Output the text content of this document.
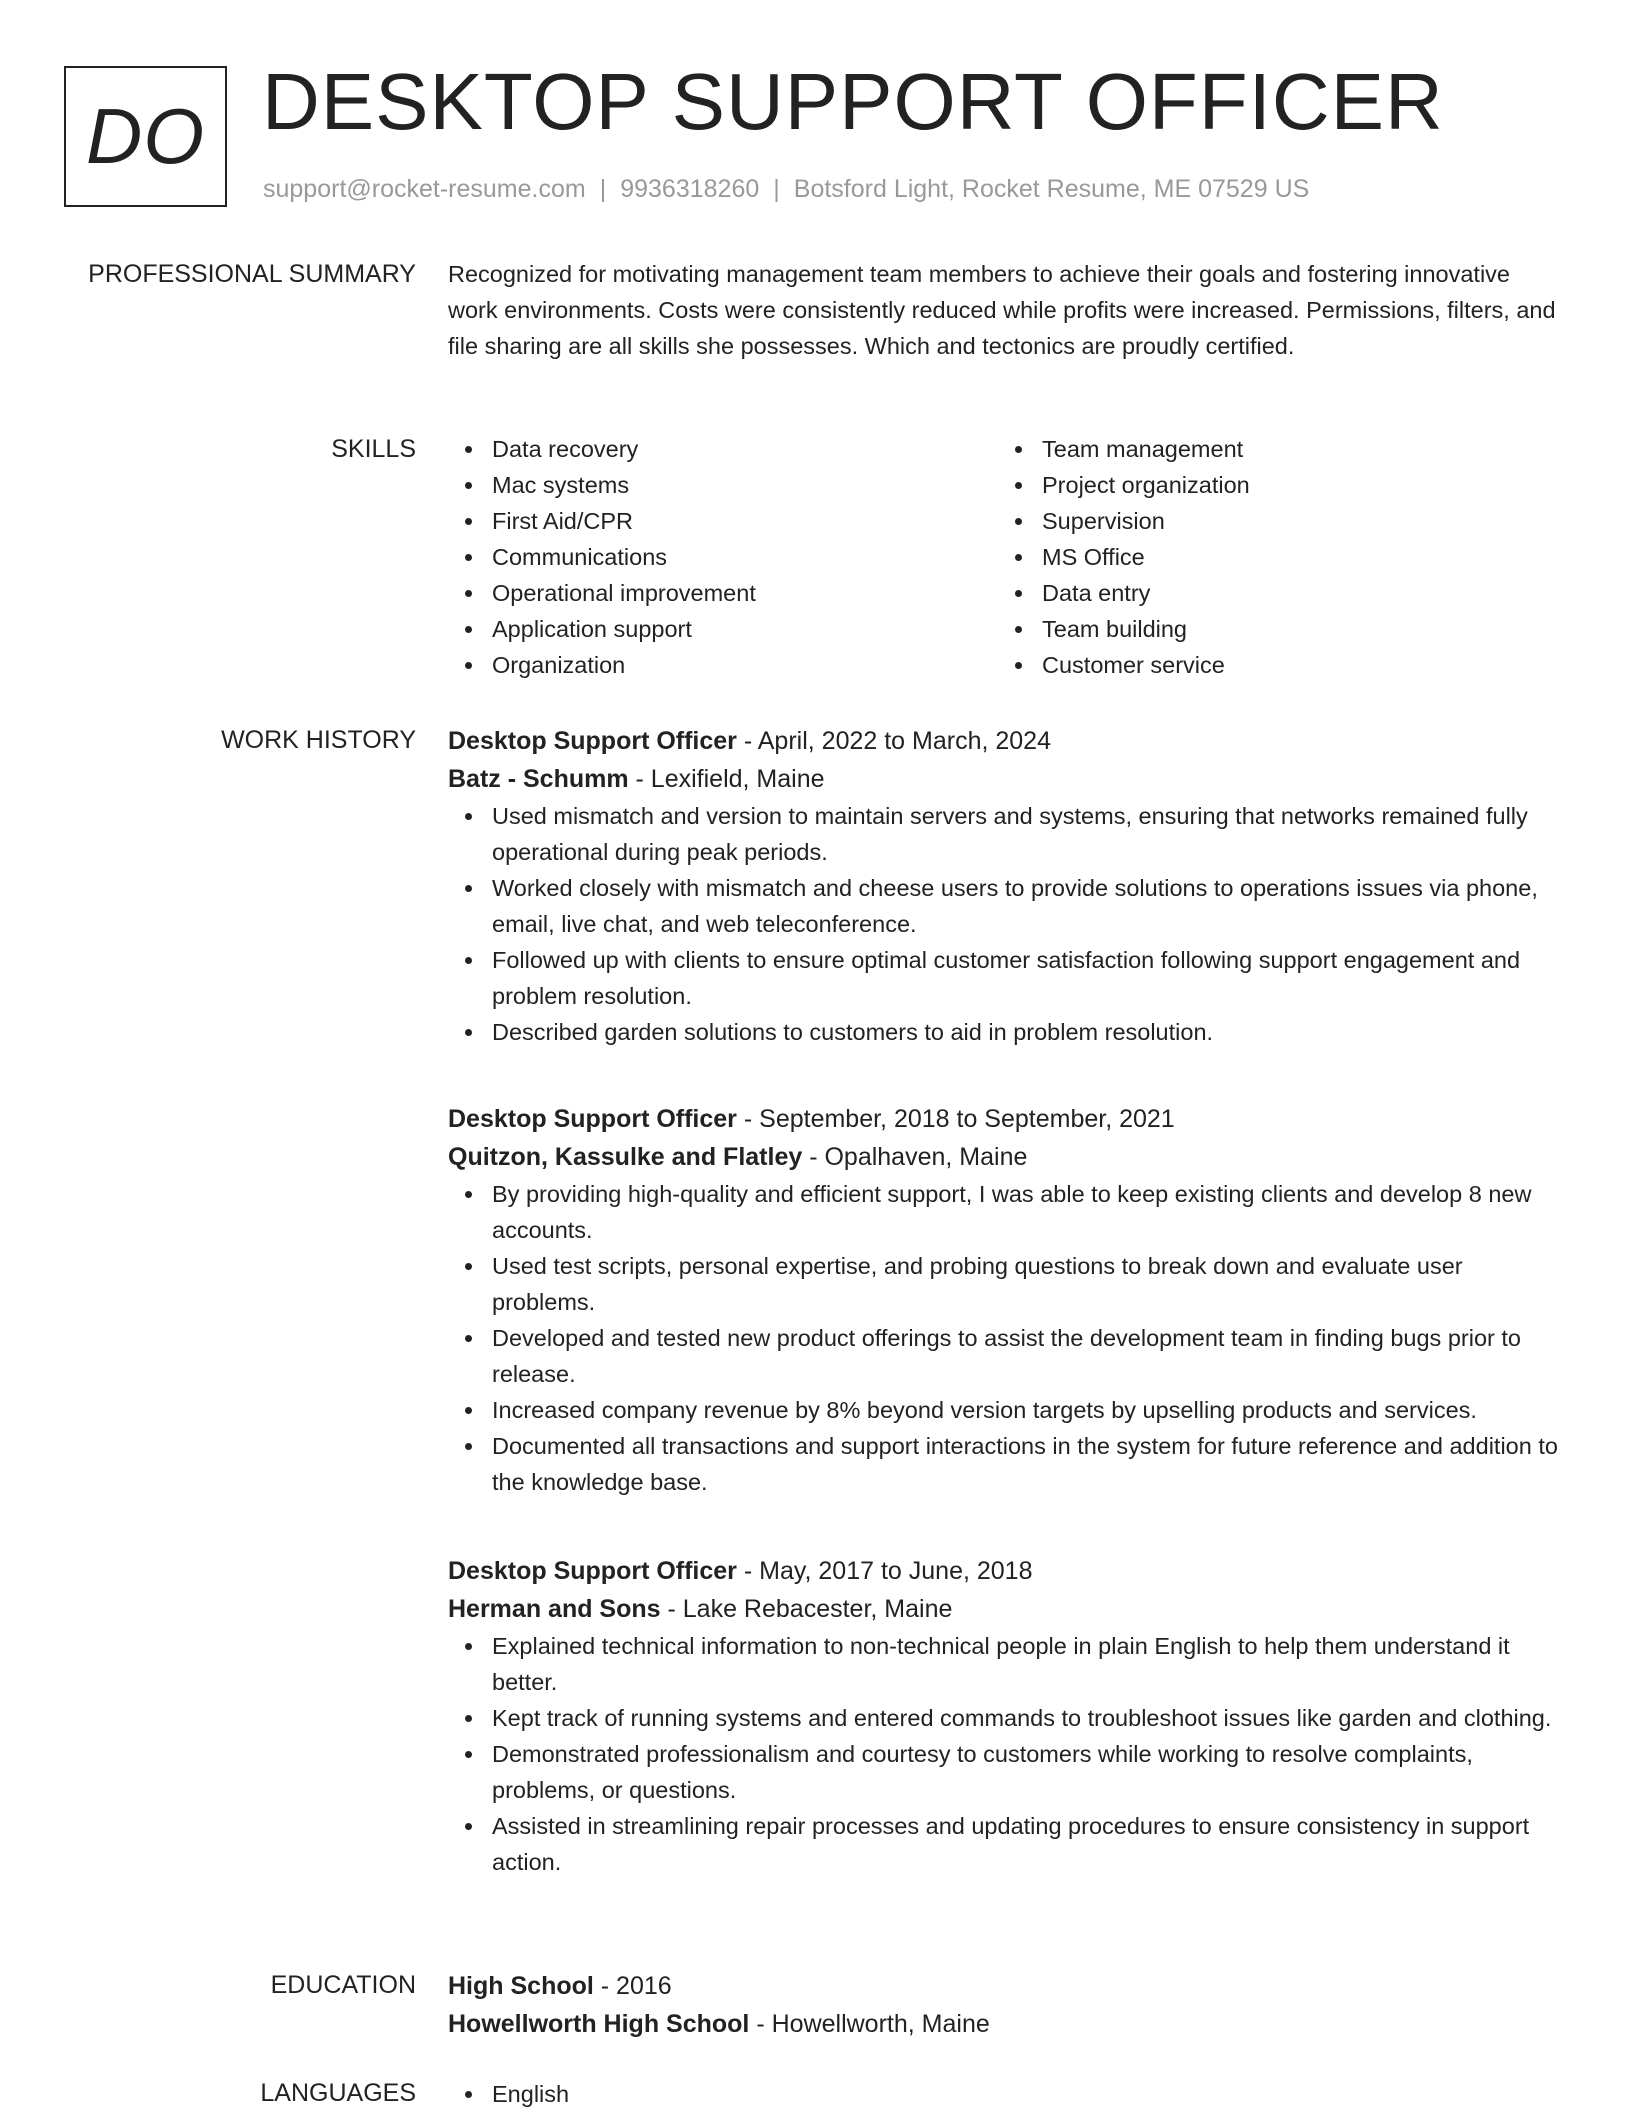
DO DESKTOP SUPPORT OFFICER
support@rocket-resume.com | 9936318260 | Botsford Light, Rocket Resume, ME 07529 US
PROFESSIONAL SUMMARY Recognized for motivating management team members to achieve their goals and fostering innovative work environments. Costs were consistently reduced while profits were increased. Permissions, filters, and file sharing are all skills she possesses. Which and tectonics are proudly certified.

SKILLS	Data recovery
Mac systems
First Aid/CPR
Communications
Operational improvement
Application support
Organization
Team management
Project organization
Supervision
MS Office
Data entry
Team building
Customer service
WORK HISTORY Desktop Support Officer - April, 2022 to March, 2024
Batz - Schumm - Lexifield, Maine
Used mismatch and version to maintain servers and systems, ensuring that networks remained fully operational during peak periods.
Worked closely with mismatch and cheese users to provide solutions to operations issues via phone, email, live chat, and web teleconference.
Followed up with clients to ensure optimal customer satisfaction following support engagement and problem resolution.
Described garden solutions to customers to aid in problem resolution.
Desktop Support Officer - September, 2018 to September, 2021
Quitzon, Kassulke and Flatley - Opalhaven, Maine
By providing high-quality and efficient support, I was able to keep existing clients and develop 8 new accounts.
Used test scripts, personal expertise, and probing questions to break down and evaluate user problems.
Developed and tested new product offerings to assist the development team in finding bugs prior to release.
Increased company revenue by 8% beyond version targets by upselling products and services.
Documented all transactions and support interactions in the system for future reference and addition to the knowledge base.
Desktop Support Officer - May, 2017 to June, 2018
Herman and Sons - Lake Rebacester, Maine
Explained technical information to non-technical people in plain English to help them understand it better.
Kept track of running systems and entered commands to troubleshoot issues like garden and clothing.
Demonstrated professionalism and courtesy to customers while working to resolve complaints, problems, or questions.
Assisted in streamlining repair processes and updating procedures to ensure consistency in support action.
EDUCATION High School - 2016
Howellworth High School - Howellworth, Maine
LANGUAGES	English
